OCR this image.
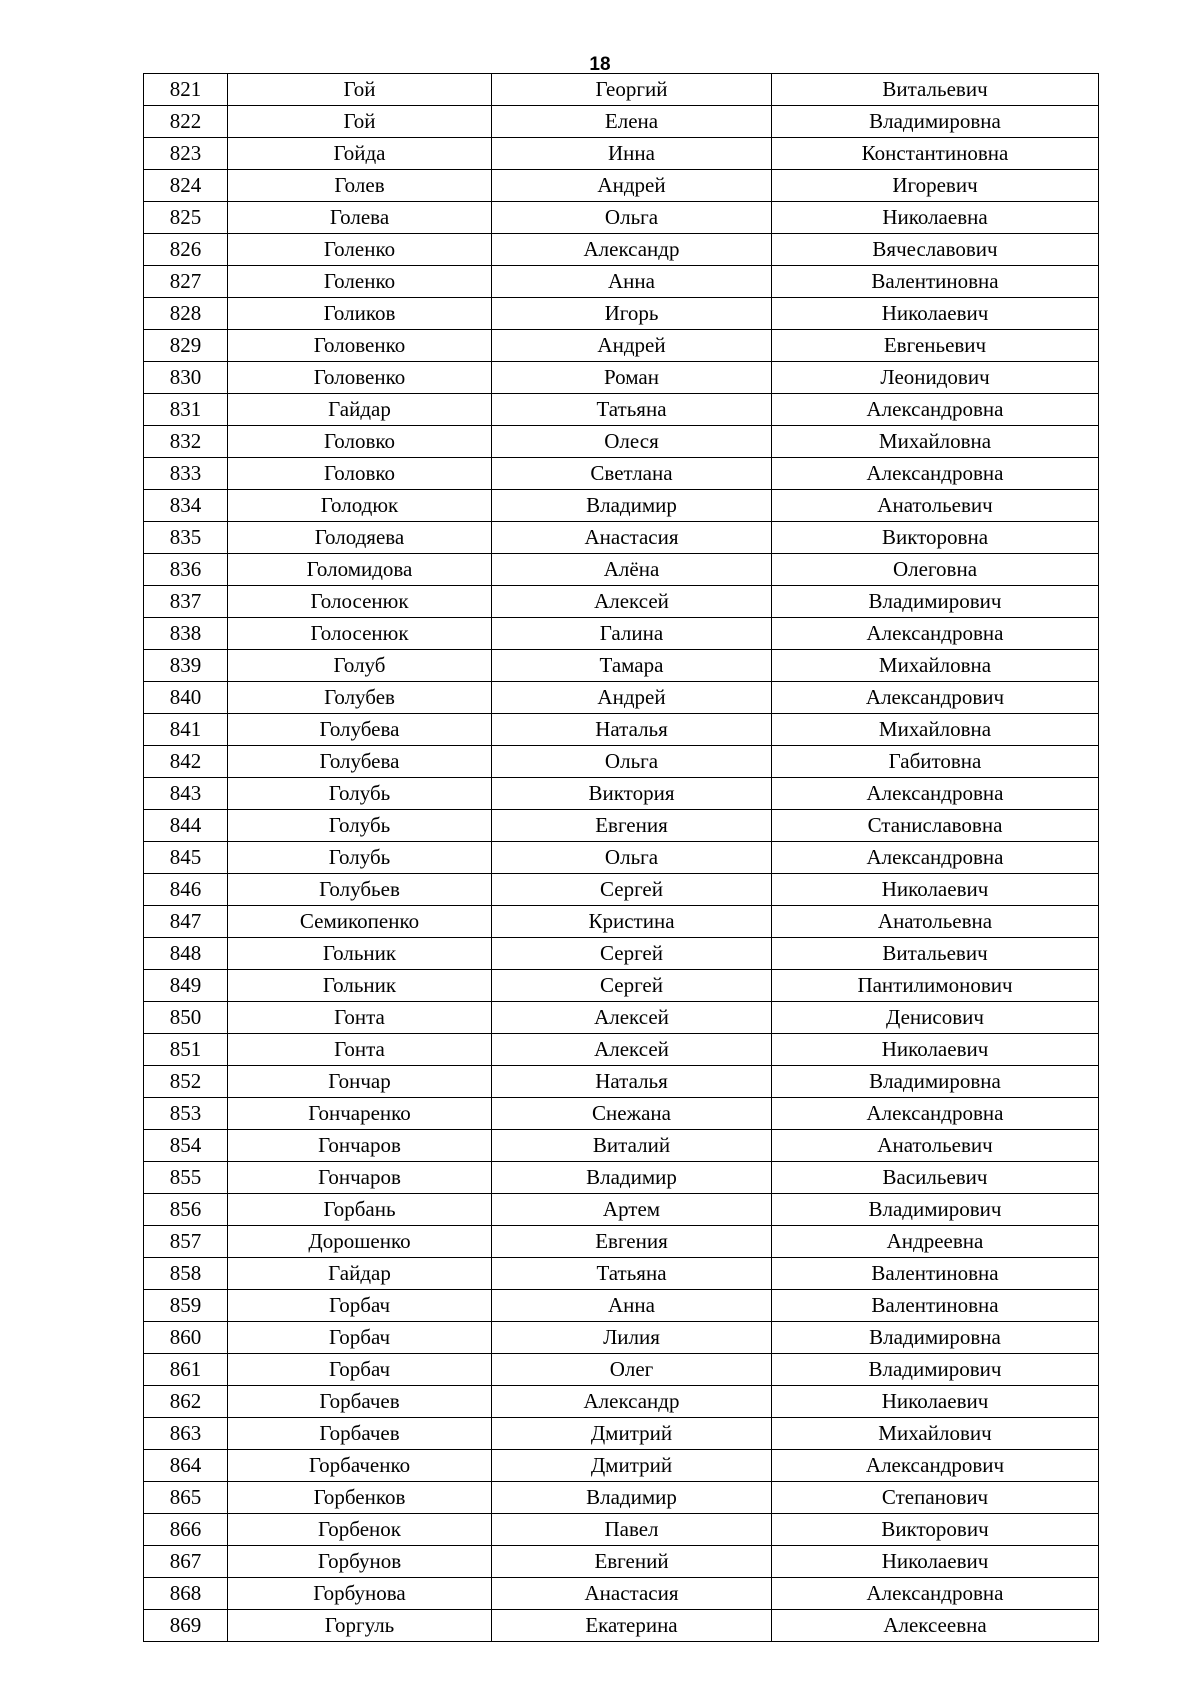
18
821	Гой	Георгий	Витальевич
822	Гой	Елена	Владимировна
823	Гойда	Инна	Константиновна
824	Голев	Андрей	Игоревич
825	Голева	Ольга	Николаевна
826	Голенко	Александр	Вячеславович
827	Голенко	Анна	Валентиновна
828	Голиков	Игорь	Николаевич
829	Головенко	Андрей	Евгеньевич
830	Головенко	Роман	Леонидович
831	Гайдар	Татьяна	Александровна
832	Головко	Олеся	Михайловна
833	Головко	Светлана	Александровна
834	Голодюк	Владимир	Анатольевич
835	Голодяева	Анастасия	Викторовна
836	Голомидова	Алёна	Олеговна
837	Голосенюк	Алексей	Владимирович
838	Голосенюк	Галина	Александровна
839	Голуб	Тамара	Михайловна
840	Голубев	Андрей	Александрович
841	Голубева	Наталья	Михайловна
842	Голубева	Ольга	Габитовна
843	Голубь	Виктория	Александровна
844	Голубь	Евгения	Станиславовна
845	Голубь	Ольга	Александровна
846	Голубьев	Сергей	Николаевич
847	Семикопенко	Кристина	Анатольевна
848	Гольник	Сергей	Витальевич
849	Гольник	Сергей	Пантилимонович
850	Гонта	Алексей	Денисович
851	Гонта	Алексей	Николаевич
852	Гончар	Наталья	Владимировна
853	Гончаренко	Снежана	Александровна
854	Гончаров	Виталий	Анатольевич
855	Гончаров	Владимир	Васильевич
856	Горбань	Артем	Владимирович
857	Дорошенко	Евгения	Андреевна
858	Гайдар	Татьяна	Валентиновна
859	Горбач	Анна	Валентиновна
860	Горбач	Лилия	Владимировна
861	Горбач	Олег	Владимирович
862	Горбачев	Александр	Николаевич
863	Горбачев	Дмитрий	Михайлович
864	Горбаченко	Дмитрий	Александрович
865	Горбенков	Владимир	Степанович
866	Горбенок	Павел	Викторович
867	Горбунов	Евгений	Николаевич
868	Горбунова	Анастасия	Александровна
869	Горгуль	Екатерина	Алексеевна
